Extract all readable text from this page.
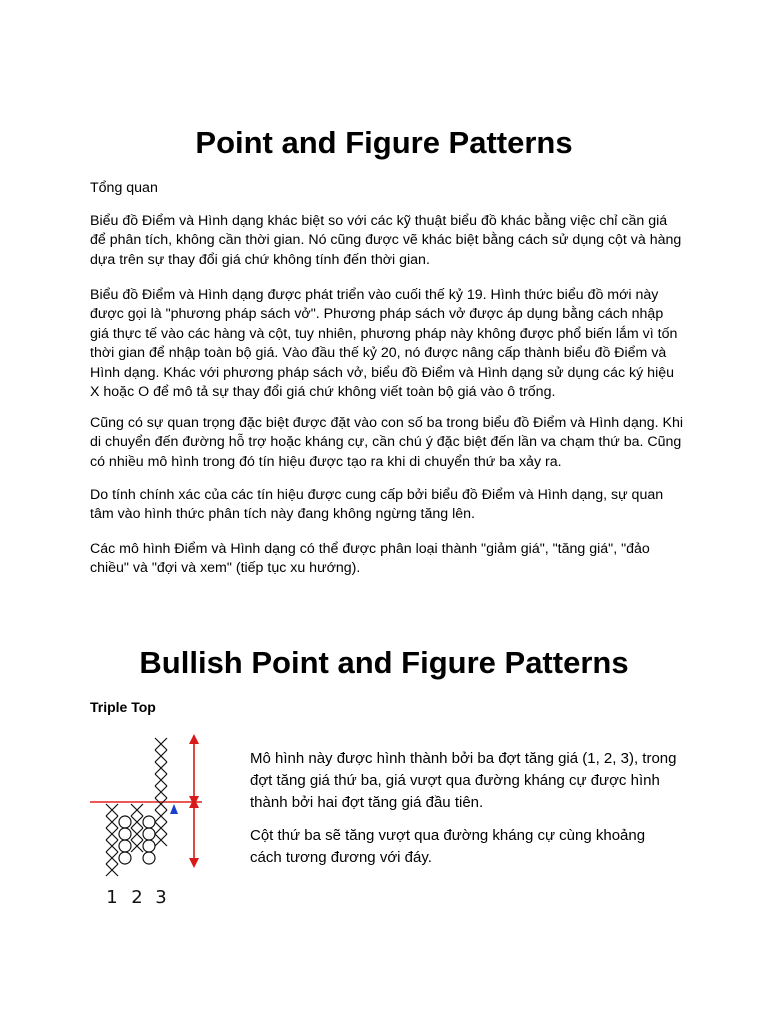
Point and Figure Patterns

Tổng quan

Biểu đồ Điểm và Hình dạng khác biệt so với các kỹ thuật biểu đồ khác bằng việc chỉ cần giá để phân tích, không cần thời gian. Nó cũng được vẽ khác biệt bằng cách sử dụng cột và hàng dựa trên sự thay đổi giá chứ không tính đến thời gian.

Biểu đồ Điểm và Hình dạng được phát triển vào cuối thế kỷ 19. Hình thức biểu đồ mới này được gọi là "phương pháp sách vở". Phương pháp sách vở được áp dụng bằng cách nhập giá thực tế vào các hàng và cột, tuy nhiên, phương pháp này không được phổ biến lắm vì tốn thời gian để nhập toàn bộ giá. Vào đầu thế kỷ 20, nó được nâng cấp thành biểu đồ Điểm và Hình dạng. Khác với phương pháp sách vở, biểu đồ Điểm và Hình dạng sử dụng các ký hiệu X hoặc O để mô tả sự thay đổi giá chứ không viết toàn bộ giá vào ô trống.

Cũng có sự quan trọng đặc biệt được đặt vào con số ba trong biểu đồ Điểm và Hình dạng. Khi di chuyển đến đường hỗ trợ hoặc kháng cự, cần chú ý đặc biệt đến lần va chạm thứ ba. Cũng có nhiều mô hình trong đó tín hiệu được tạo ra khi di chuyển thứ ba xảy ra.

Do tính chính xác của các tín hiệu được cung cấp bởi biểu đồ Điểm và Hình dạng, sự quan tâm vào hình thức phân tích này đang không ngừng tăng lên.

Các mô hình Điểm và Hình dạng có thể được phân loại thành "giảm giá", "tăng giá", "đảo chiều" và "đợi và xem" (tiếp tục xu hướng).

Bullish Point and Figure Patterns

Triple Top

1 2 3

Mô hình này được hình thành bởi ba đợt tăng giá (1, 2, 3), trong đợt tăng giá thứ ba, giá vượt qua đường kháng cự được hình thành bởi hai đợt tăng giá đầu tiên.

Cột thứ ba sẽ tăng vượt qua đường kháng cự cùng khoảng cách tương đương với đáy.
